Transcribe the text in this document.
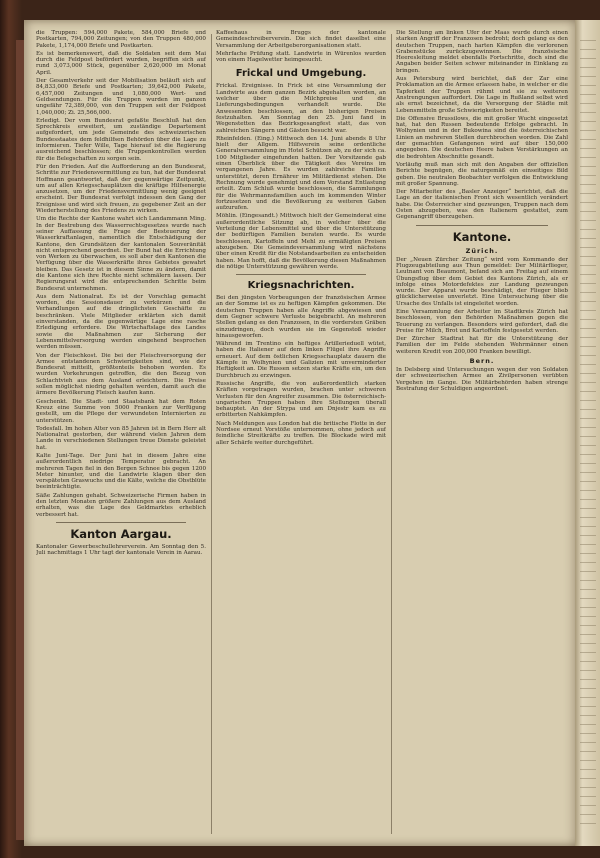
die Truppen: 594,000 Pakete, 584,000 Briefe und Postkarten, 794,000 Zeitungen; von den Truppen 480,000 Pakete, 1,174,000 Briefe und Postkarten.

Es ist bemerkenswert, daß die Soldaten seit dem Mai durch die Feldpost befördert wurden, begriffen sich auf rund 3,073,000 Stück, gegenüber 2,620,000 im Monat April.

Der Gesamtverkehr seit der Mobilisation beläuft sich auf 84,833,000 Briefe und Postkarten; 39,642,000 Pakete, 6,457,000 Zeitungen und 1,080,000 Wert- und Geldsendungen. Für die Truppen wurden im ganzen ungefähr 72,389,000, von den Truppen seit der Feldpost 1,040,000; Zi. 25,566,000.

Erledigt. Der vom Bundesrat gefaßte Beschluß hat den Sprechkreis erweitert, um zuständige Departement aufgefordert, um jede Gemeinde des schweizerischen Bundesstaates dem feldhilfsen Behörden über die Lage zu informieren. Tiefer Wille, Tage hierauf ist die Regierung ausreichend beschlossen; die Truppenkontrollen werden für die Belegschaften zu sorgen sein.

Für den Frieden. Auf die Aufforderung an den Bundesrat, Schritte zur Friedensvermittlung zu tun, hat der Bundesrat Hoffmann geantwortet, daß der gegenwärtige Zeitpunkt, um auf allen Kriegsschauplätzen die kräftige Hilfsenergie anzusetzen, um der Friedensvermittlung wenig geeignet erscheint. Der Bundesrat verfolgt indessen den Gang der Ereignisse und wird sich freuen, zu gegebener Zeit an der Wiederherstellung des Friedens zu wirken.

Um die Rechte der Kantone wahrt sich Landammann Ming. In der Bestrebung des Wasserrechtsgesetzes wurde nach seiner Auffassung die Frage der Besteuerung der Wasserkraftanlagen, namentlich die Entschädigung der Kantone, den Grundsätzen der kantonalen Souveränität nicht entsprechend geordnet. Der Bund hat die Errichtung von Werken zu überwachen, es soll aber den Kantonen die Verfügung über die Wasserkräfte ihres Gebietes gewahrt bleiben. Das Gesetz ist in diesem Sinne zu ändern, damit die Kantone sich ihre Rechte nicht schmälern lassen. Der Regierungsrat wird die entsprechenden Schritte beim Bundesrat unternehmen.

Aus dem Nationalrat. Es ist der Vorschlag gemacht worden, die Sessionsdauer zu verkürzen und die Verhandlungen auf die dringlichsten Geschäfte zu beschränken. Viele Mitglieder erklärten sich damit einverstanden, da die gegenwärtige Lage eine rasche Erledigung erfordere. Die Wirtschaftslage des Landes sowie die Maßnahmen zur Sicherung der Lebensmittelversorgung werden eingehend besprochen werden müssen.

Von der Fleischkost. Die bei der Fleischversorgung der Armee entstandenen Schwierigkeiten sind, wie der Bundesrat mitteilt, größtenteils behoben worden. Es wurden Vorkehrungen getroffen, die den Bezug von Schlachtvieh aus dem Ausland erleichtern. Die Preise sollen möglichst niedrig gehalten werden, damit auch die ärmere Bevölkerung Fleisch kaufen kann.

Geschenkt. Die Stadt- und Staatsbank hat dem Roten Kreuz eine Summe von 5000 Franken zur Verfügung gestellt, um die Pflege der verwundeten Internierten zu unterstützen.

Todesfall. Im hohen Alter von 85 Jahren ist in Bern Herr alt Nationalrat gestorben, der während vielen Jahren dem Lande in verschiedenen Stellungen treue Dienste geleistet hat.

Kalte Juni-Tage. Der Juni hat in diesem Jahre eine außerordentlich niedrige Temperatur gebracht. An mehreren Tagen fiel in den Bergen Schnee bis gegen 1200 Meter hinunter, und die Landwirte klagen über den verspäteten Graswuchs und die Kälte, welche die Obstblüte beeinträchtigte.

Säße Zahlungen gehabt. Schweizerische Firmen haben in den letzten Monaten größere Zahlungen aus dem Ausland erhalten, was die Lage des Geldmarktes erheblich verbessert hat.

Kanton Aargau.

Kantonaler Gewerbeschullehrerverein. Am Sonntag den 5. Juli nachmittags 1 Uhr tagt der kantonale Verein in Aarau.

Kaffeehaus in Bruggs der kantonale Gemeindeschreiberverein. Die sich findet daselbst eine Versammlung der Arbeitgeberorganisationen statt.

Mehrfache Prüfung statt. Landwirte in Würenlos wurden von einem Hagelwetter heimgesucht.

Frickal und Umgebung.

Frickal. Ereignisse. In Frick ist eine Versammlung der Landwirte aus dem ganzen Bezirk abgehalten worden, an welcher über die Milchpreise und die Lieferungsbedingungen verhandelt wurde. Die Anwesenden beschlossen, an den bisherigen Preisen festzuhalten. Am Sonntag den 25. Juni fand in Wegenstetten das Bezirksgesangfest statt, das von zahlreichen Sängern und Gästen besucht war.

Rheinfelden. (Eing.) Mittwoch den 14. Juni abends 8 Uhr hielt der Allgem. Hilfsverein seine ordentliche Generalversammlung im Hotel Schützen ab, zu der sich ca. 100 Mitglieder eingefunden hatten. Der Vorsitzende gab einen Überblick über die Tätigkeit des Vereins im vergangenen Jahre. Es wurden zahlreiche Familien unterstützt, deren Ernährer im Militärdienst stehen. Die Rechnung wurde genehmigt und dem Vorstand Entlastung erteilt. Zum Schluß wurde beschlossen, die Sammlungen für die Wehrmannsfamilien auch im kommenden Winter fortzusetzen und die Bevölkerung zu weiteren Gaben aufzurufen.

Möhlin. (Eingesandt.) Mittwoch hielt der Gemeinderat eine außerordentliche Sitzung ab, in welcher über die Verteilung der Lebensmittel und über die Unterstützung der bedürftigen Familien beraten wurde. Es wurde beschlossen, Kartoffeln und Mehl zu ermäßigten Preisen abzugeben. Die Gemeindeversammlung wird nächstens über einen Kredit für die Notstandsarbeiten zu entscheiden haben. Man hofft, daß die Bevölkerung diesen Maßnahmen die nötige Unterstützung gewähren werde.

Kriegsnachrichten.

Bei den jüngsten Vorbeugungen der französischen Armee an der Somme ist es zu heftigen Kämpfen gekommen. Die deutschen Truppen haben alle Angriffe abgewiesen und dem Gegner schwere Verluste beigebracht. An mehreren Stellen gelang es den Franzosen, in die vordersten Gräben einzudringen, doch wurden sie im Gegenstoß wieder hinausgeworfen.

Während im Trentino ein heftiges Artillerieduell wütet, haben die Italiener auf dem linken Flügel ihre Angriffe erneuert. Auf dem östlichen Kriegsschauplatz dauern die Kämpfe in Wolhynien und Galizien mit unverminderter Heftigkeit an. Die Russen setzen starke Kräfte ein, um den Durchbruch zu erzwingen.

Russische Angriffe, die von außerordentlich starken Kräften vorgetragen wurden, brachen unter schweren Verlusten für den Angreifer zusammen. Die österreichisch-ungarischen Truppen haben ihre Stellungen überall behauptet. An der Strypa und am Dnjestr kam es zu erbitterten Nahkämpfen.

Nach Meldungen aus London hat die britische Flotte in der Nordsee erneut Vorstöße unternommen, ohne jedoch auf feindliche Streitkräfte zu treffen. Die Blockade wird mit aller Schärfe weiter durchgeführt.

Die Stellung am linken Ufer der Maas wurde durch einen starken Angriff der Franzosen bedroht; doch gelang es den deutschen Truppen, nach harten Kämpfen die verlorenen Grabenstücke zurückzugewinnen. Die französische Heeresleitung meldet ebenfalls Fortschritte, doch sind die Angaben beider Seiten schwer miteinander in Einklang zu bringen.

Aus Petersburg wird berichtet, daß der Zar eine Proklamation an die Armee erlassen habe, in welcher er die Tapferkeit der Truppen rühmt und sie zu weiteren Anstrengungen auffordert. Die Lage in Rußland selbst wird als ernst bezeichnet, da die Versorgung der Städte mit Lebensmitteln große Schwierigkeiten bereitet.

Die Offensive Brussilows, die mit großer Wucht eingesetzt hat, hat den Russen bedeutende Erfolge gebracht. In Wolhynien und in der Bukowina sind die österreichischen Linien an mehreren Stellen durchbrochen worden. Die Zahl der gemachten Gefangenen wird auf über 150,000 angegeben. Die deutschen Heere haben Verstärkungen an die bedrohten Abschnitte gesandt.

Vorläufig muß man sich mit den Angaben der offiziellen Berichte begnügen, die naturgemäß ein einseitiges Bild geben. Die neutralen Beobachter verfolgen die Entwicklung mit großer Spannung.

Der Mitarbeiter des „Basler Anzeiger“ berichtet, daß die Lage an der italienischen Front sich wesentlich verändert habe. Die Österreicher sind gezwungen, Truppen nach dem Osten abzugeben, was den Italienern gestattet, zum Gegenangriff überzugehen.

Kantone.
Zürich.

Der „Neuen Zürcher Zeitung“ wird vom Kommando der Flugzeugabteilung aus Thun gemeldet: Der Militärflieger, Leutnant von Beaumont, befand sich am Freitag auf einem Übungsflug über dem Gebiet des Kantons Zürich, als er infolge eines Motordefektes zur Landung gezwungen wurde. Der Apparat wurde beschädigt, der Flieger blieb glücklicherweise unverletzt. Eine Untersuchung über die Ursache des Unfalls ist eingeleitet worden.

Eine Versammlung der Arbeiter im Stadtkreis Zürich hat beschlossen, von den Behörden Maßnahmen gegen die Teuerung zu verlangen. Besonders wird gefordert, daß die Preise für Milch, Brot und Kartoffeln festgesetzt werden.

Der Zürcher Stadtrat hat für die Unterstützung der Familien der im Felde stehenden Wehrmänner einen weiteren Kredit von 200,000 Franken bewilligt.

Bern.

In Delsberg sind Untersuchungen wegen der von Soldaten der schweizerischen Armee an Zivilpersonen verübten Vergehen im Gange. Die Militärbehörden haben strenge Bestrafung der Schuldigen angeordnet.
